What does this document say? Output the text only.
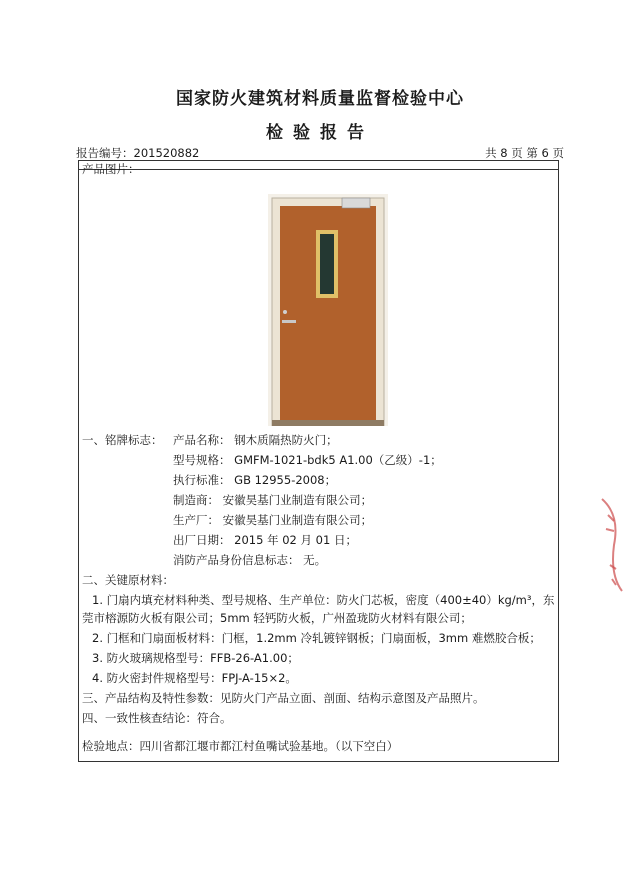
国家防火建筑材料质量监督检验中心
检验报告
报告编号：201520882	共 8 页 第 6 页
产品图片：
一、铭牌标志： 产品名称： 钢木质隔热防火门；
型号规格： GMFM-1021-bdk5 A1.00（乙级）-1；
执行标准： GB 12955-2008；
制造商： 安徽昊基门业制造有限公司；
生产厂： 安徽昊基门业制造有限公司；
出厂日期： 2015 年 02 月 01 日；
消防产品身份信息标志： 无。
二、关键原材料：
1. 门扇内填充材料种类、型号规格、生产单位：防火门芯板，密度（400±40）kg/m³，东
莞市榕源防火板有限公司；5mm 轻钙防火板，广州盈珑防火材料有限公司；
2. 门框和门扇面板材料：门框，1.2mm 冷轧镀锌钢板；门扇面板，3mm 难燃胶合板；
3. 防火玻璃规格型号：FFB-26-A1.00；
4. 防火密封件规格型号：FPJ-A-15×2。
三、产品结构及特性参数：见防火门产品立面、剖面、结构示意图及产品照片。
四、一致性核查结论：符合。
检验地点：四川省都江堰市都江村鱼嘴试验基地。（以下空白）
